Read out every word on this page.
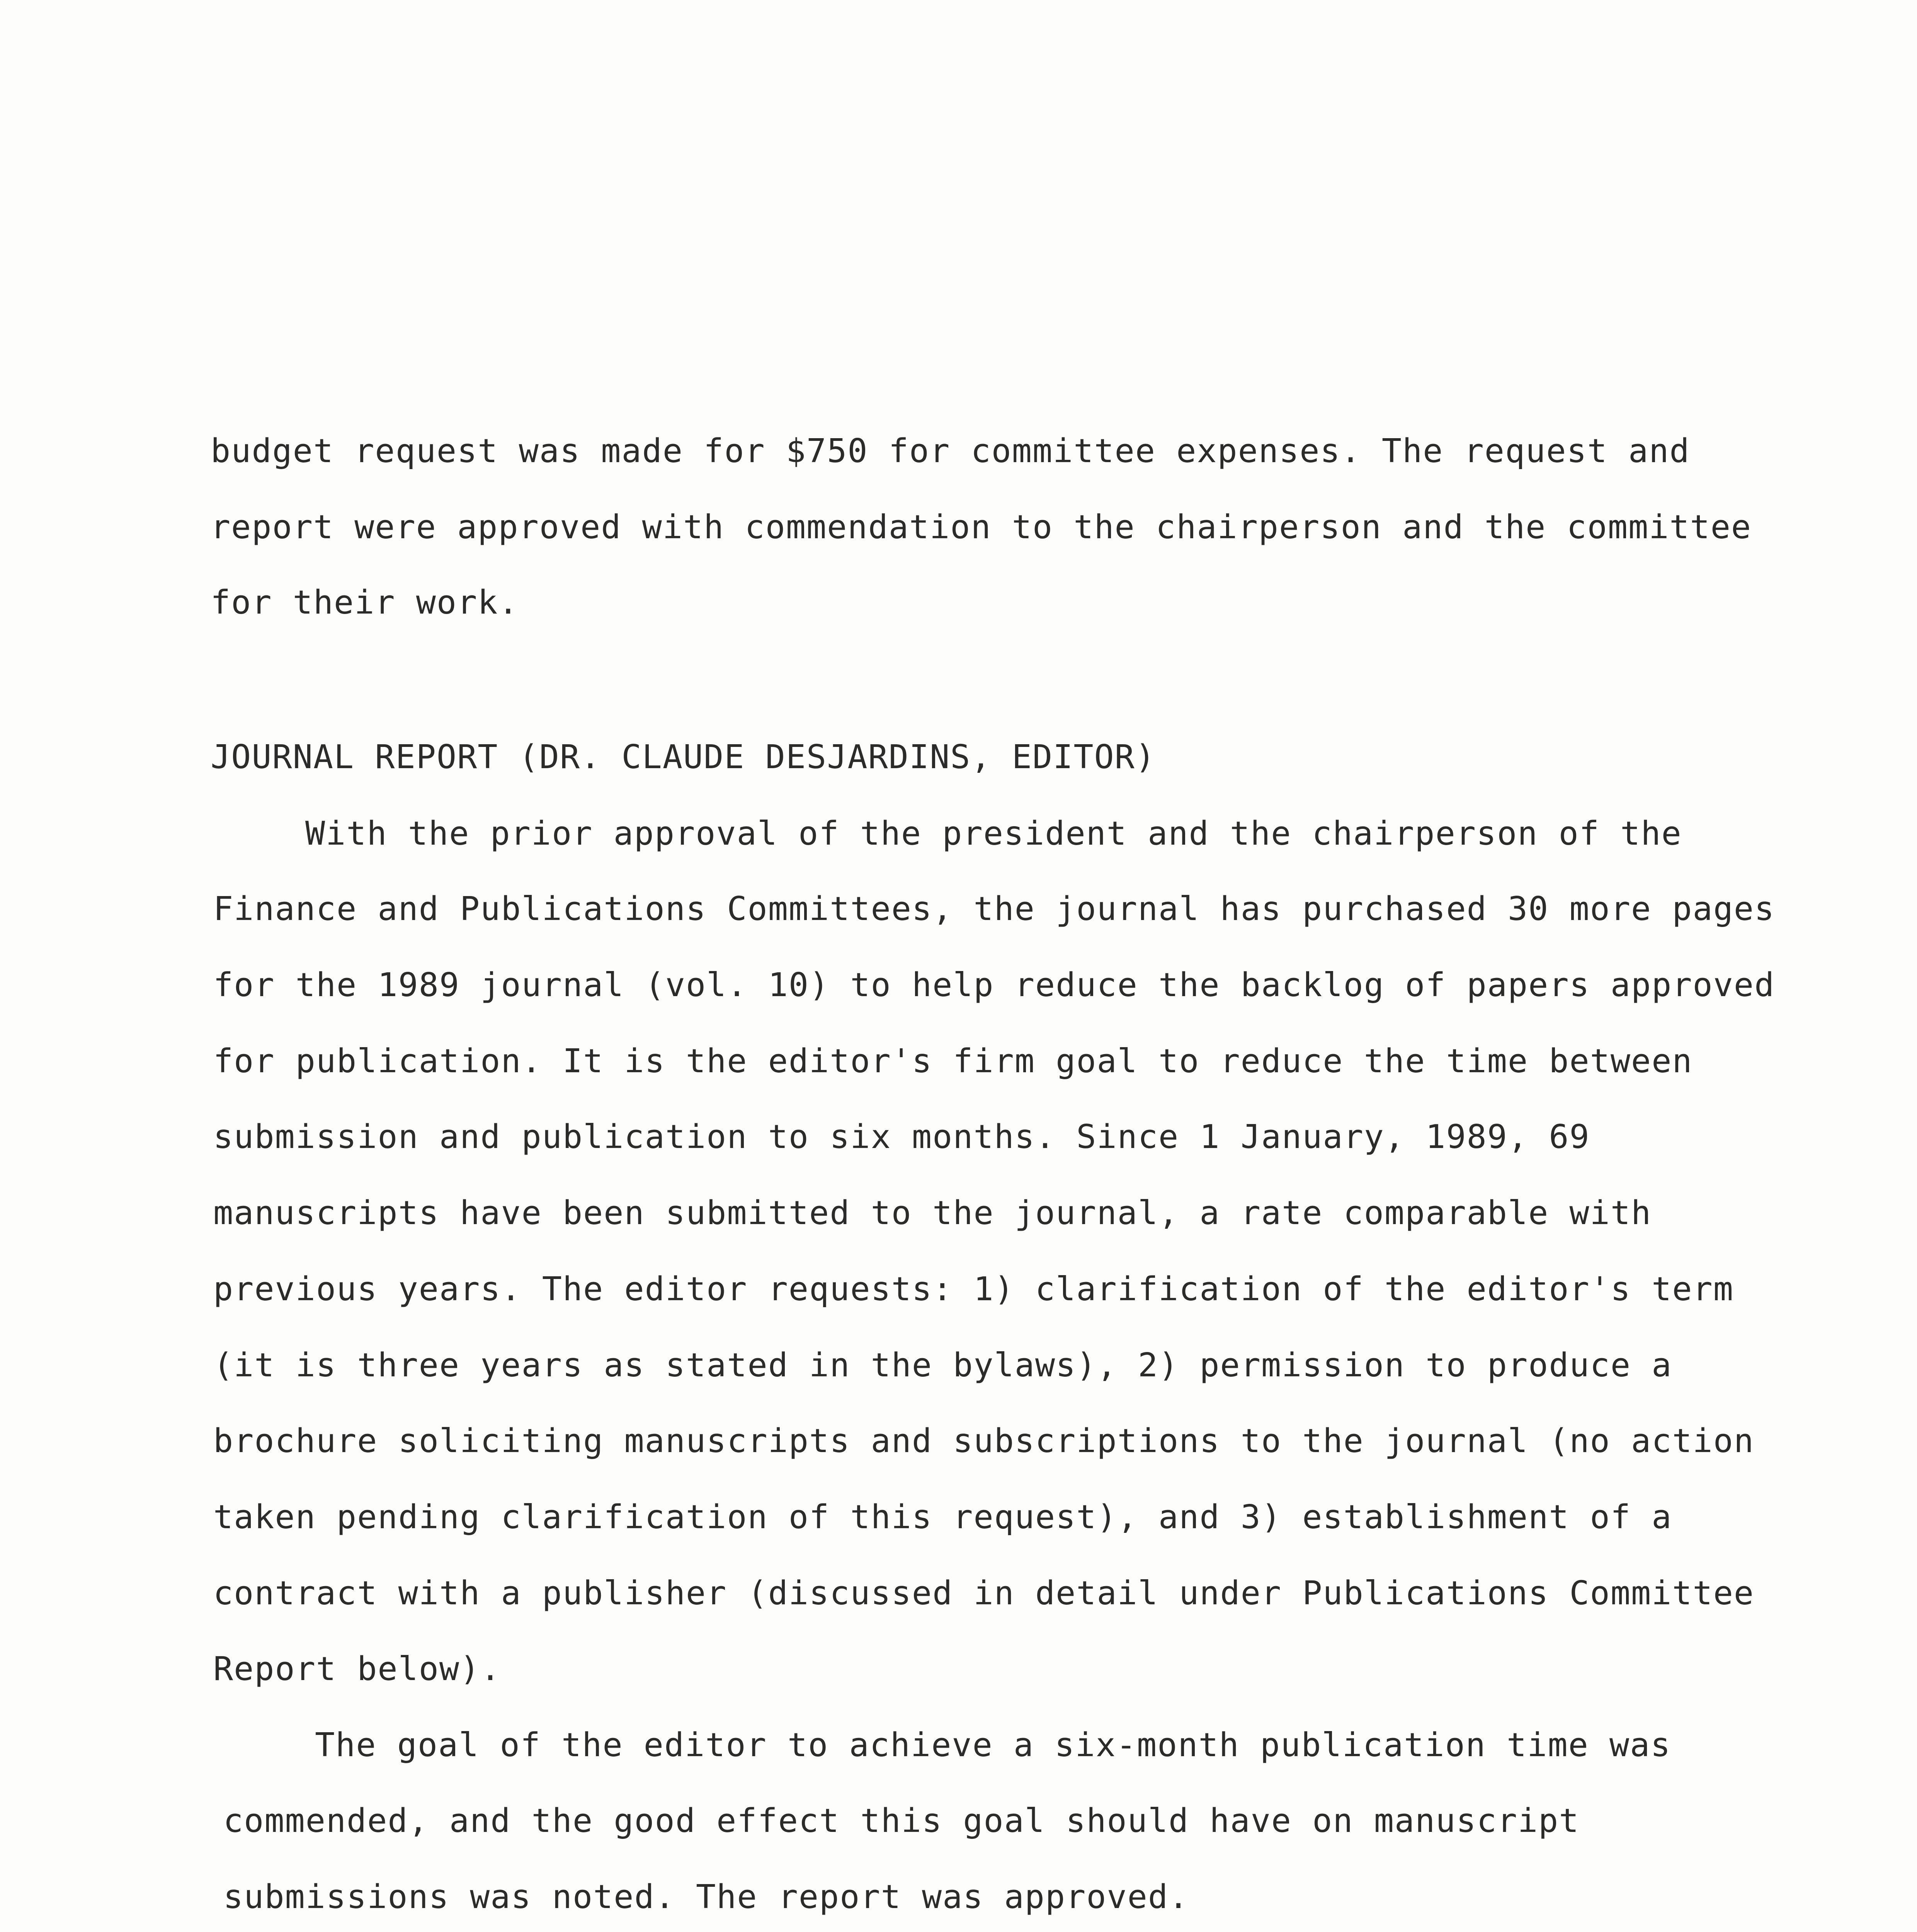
budget request was made for $750 for committee expenses. The request and
report were approved with commendation to the chairperson and the committee
for their work.
JOURNAL REPORT (DR. CLAUDE DESJARDINS, EDITOR)
With the prior approval of the president and the chairperson of the
Finance and Publications Committees, the journal has purchased 30 more pages
for the 1989 journal (vol. 10) to help reduce the backlog of papers approved
for publication. It is the editor's firm goal to reduce the time between
submission and publication to six months. Since 1 January, 1989, 69
manuscripts have been submitted to the journal, a rate comparable with
previous years. The editor requests: 1) clarification of the editor's term
(it is three years as stated in the bylaws), 2) permission to produce a
brochure soliciting manuscripts and subscriptions to the journal (no action
taken pending clarification of this request), and 3) establishment of a
contract with a publisher (discussed in detail under Publications Committee
Report below).
The goal of the editor to achieve a six-month publication time was
commended, and the good effect this goal should have on manuscript
submissions was noted. The report was approved.
